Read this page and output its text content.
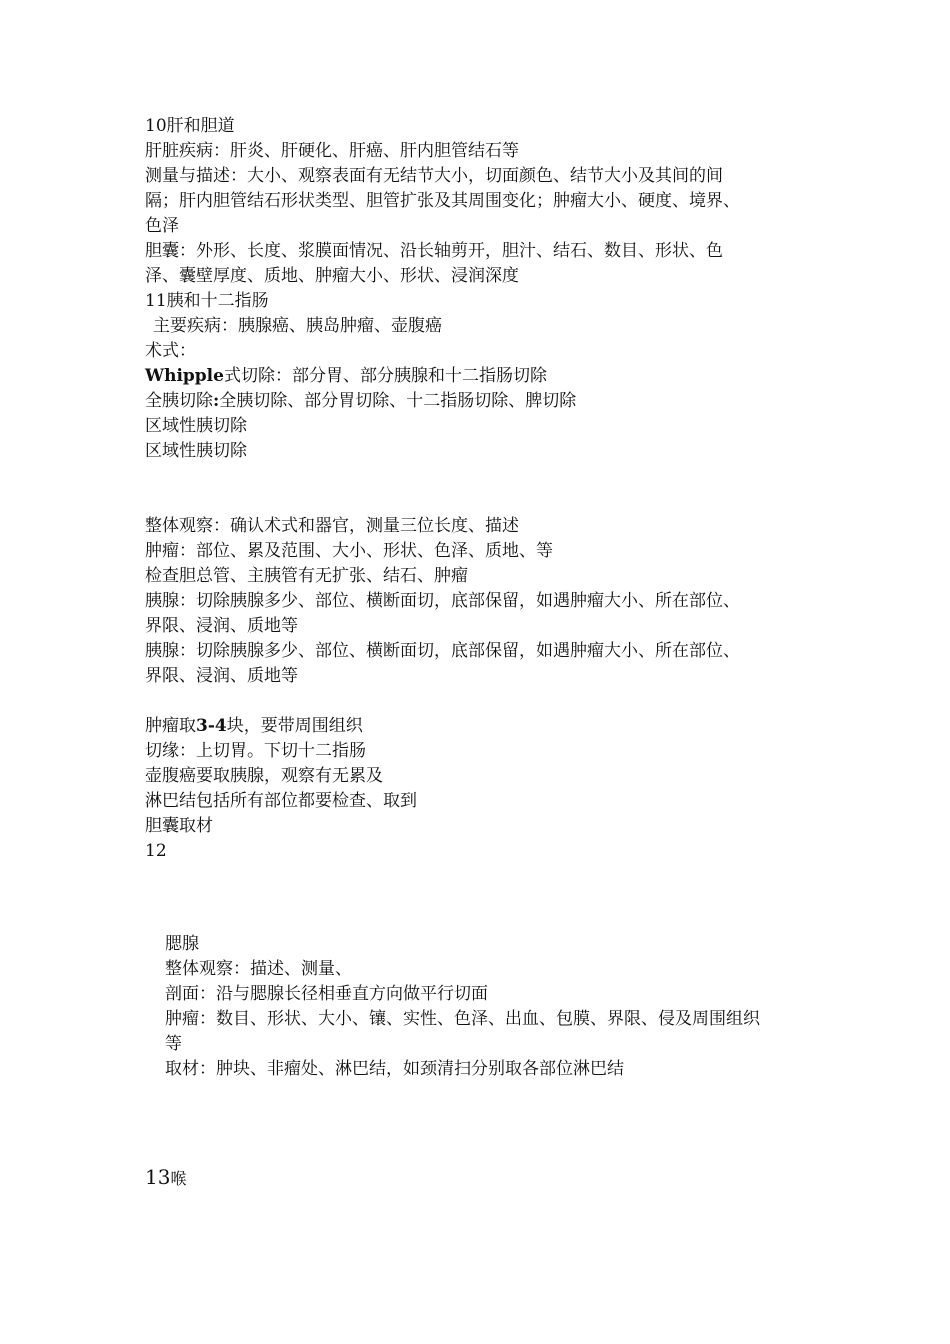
10肝和胆道
肝脏疾病：肝炎、肝硬化、肝癌、肝内胆管结石等
测量与描述：大小、观察表面有无结节大小，切面颜色、结节大小及其间的间
隔；肝内胆管结石形状类型、胆管扩张及其周围变化；肿瘤大小、硬度、境界、
色泽
胆囊：外形、长度、浆膜面情况、沿长轴剪开，胆汁、结石、数目、形状、色
泽、囊壁厚度、质地、肿瘤大小、形状、浸润深度
11胰和十二指肠
主要疾病：胰腺癌、胰岛肿瘤、壶腹癌
术式：
Whipple式切除：部分胃、部分胰腺和十二指肠切除
全胰切除:全胰切除、部分胃切除、十二指肠切除、脾切除
区域性胰切除
区域性胰切除
整体观察：确认术式和器官，测量三位长度、描述
肿瘤：部位、累及范围、大小、形状、色泽、质地、等
检查胆总管、主胰管有无扩张、结石、肿瘤
胰腺：切除胰腺多少、部位、横断面切，底部保留，如遇肿瘤大小、所在部位、
界限、浸润、质地等
胰腺：切除胰腺多少、部位、横断面切，底部保留，如遇肿瘤大小、所在部位、
界限、浸润、质地等
肿瘤取3-4块，要带周围组织
切缘：上切胃。下切十二指肠
壶腹癌要取胰腺，观察有无累及
淋巴结包括所有部位都要检查、取到
胆囊取材
12
腮腺
整体观察：描述、测量、
剖面：沿与腮腺长径相垂直方向做平行切面
肿瘤：数目、形状、大小、镶、实性、色泽、出血、包膜、界限、侵及周围组织
等
取材：肿块、非瘤处、淋巴结，如颈清扫分别取各部位淋巴结
13喉
